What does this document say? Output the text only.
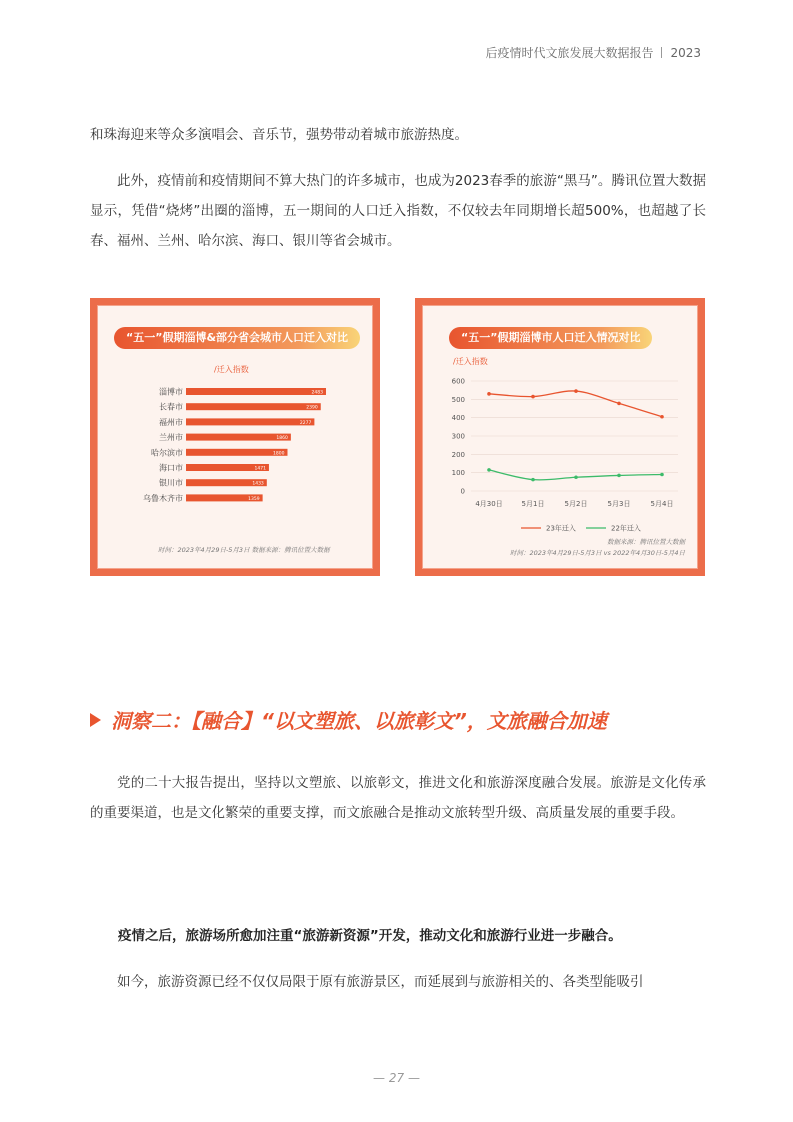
后疫情时代文旅发展大数据报告 2023
和珠海迎来等众多演唱会、音乐节，强势带动着城市旅游热度。
此外，疫情前和疫情期间不算大热门的许多城市，也成为2023春季的旅游“黑马”。腾讯位置大数据显示，凭借“烧烤”出圈的淄博，五一期间的人口迁入指数，不仅较去年同期增长超500%，也超越了长春、福州、兰州、哈尔滨、海口、银川等省会城市。
“五一”假期淄博&部分省会城市人口迁入对比
/迁入指数
淄博市	2483
长春市	2390
福州市	2277
兰州市	1860
哈尔滨市	1800
海口市	1471
银川市	1433
乌鲁木齐市	1359
时间：2023年4月29日-5月3日 数据来源：腾讯位置大数据
“五一”假期淄博市人口迁入情况对比
/迁入指数
600
500
400
300
200
100
0
4月30日	5月1日	5月2日	5月3日	5月4日
23年迁入	22年迁入
数据来源：腾讯位置大数据
时间：2023年4月29日-5月3日 vs 2022年4月30日-5月4日
洞察二：【融合】“以文塑旅、以旅彰文”，文旅融合加速
党的二十大报告提出，坚持以文塑旅、以旅彰文，推进文化和旅游深度融合发展。旅游是文化传承的重要渠道，也是文化繁荣的重要支撑，而文旅融合是推动文旅转型升级、高质量发展的重要手段。
疫情之后，旅游场所愈加注重“旅游新资源”开发，推动文化和旅游行业进一步融合。
如今，旅游资源已经不仅仅局限于原有旅游景区，而延展到与旅游相关的、各类型能吸引
— 27 —
